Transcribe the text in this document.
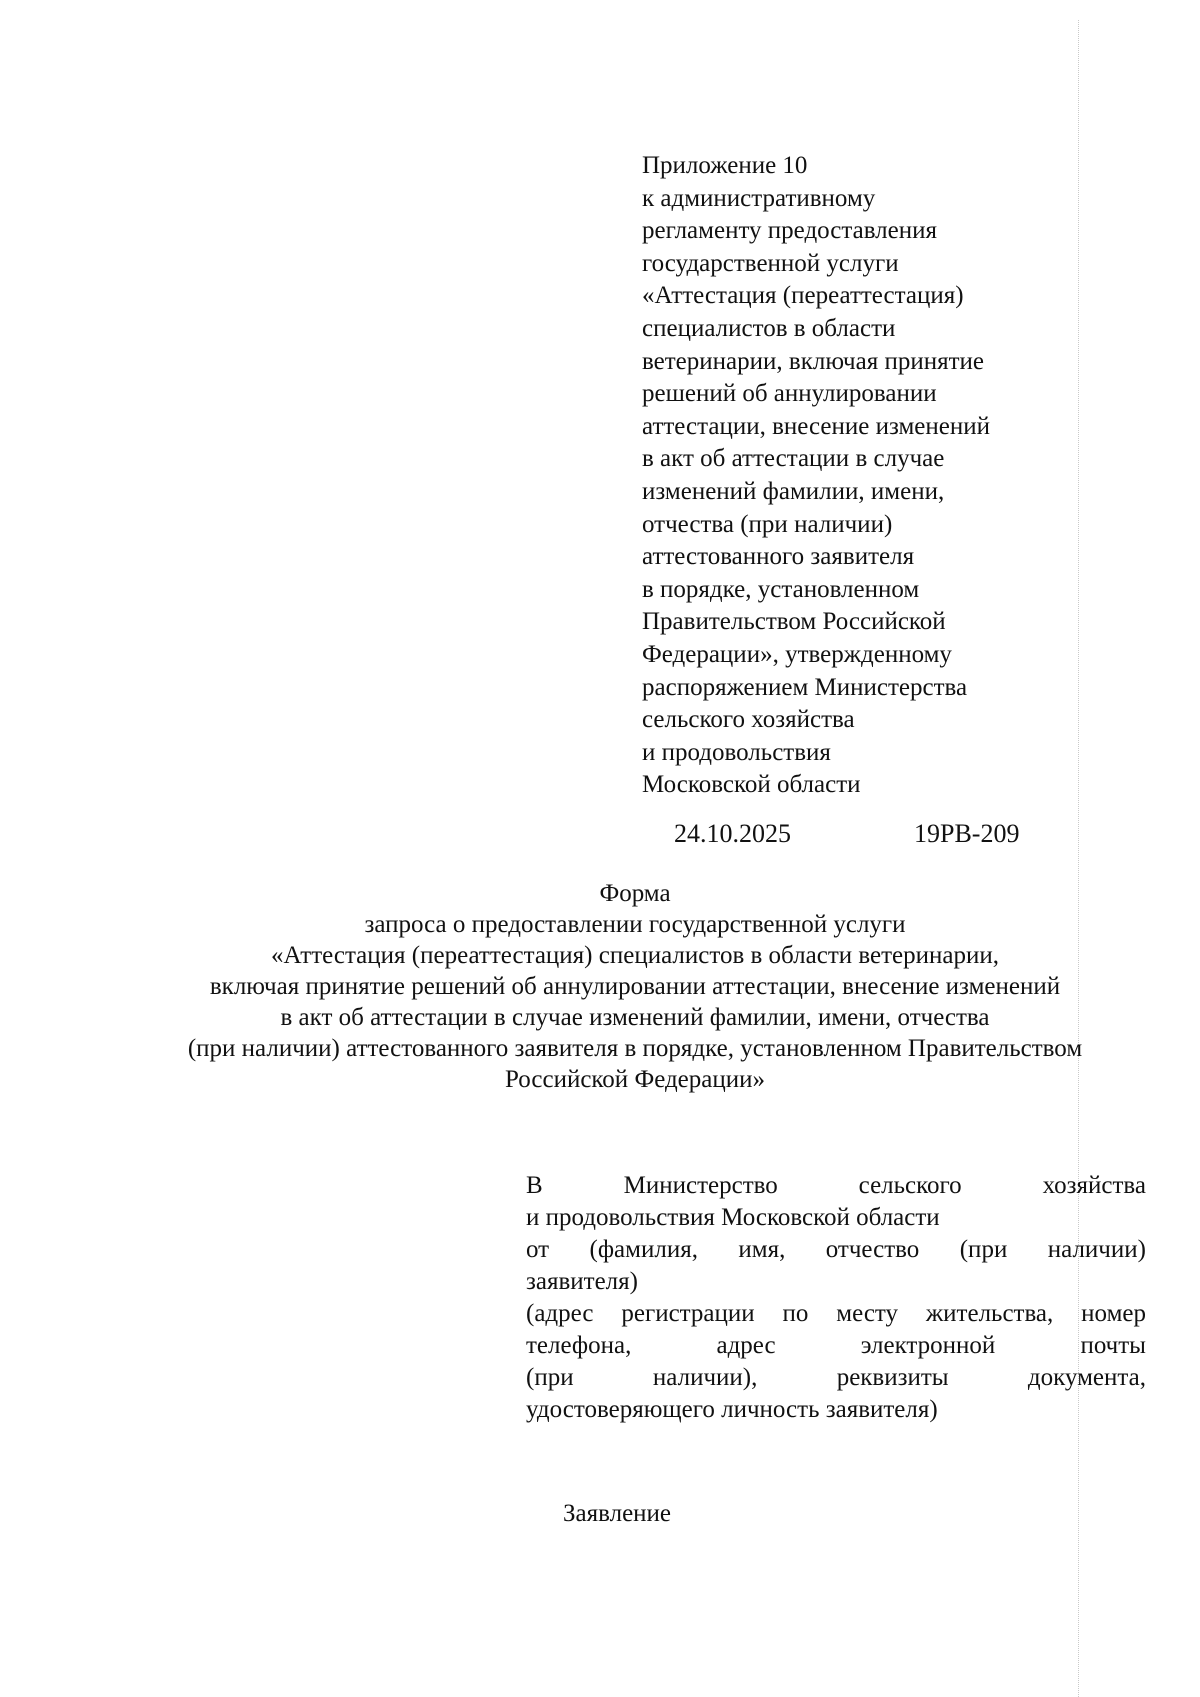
Приложение 10
к административному
регламенту предоставления
государственной услуги
«Аттестация (переаттестация)
специалистов в области
ветеринарии, включая принятие
решений об аннулировании
аттестации, внесение изменений
в акт об аттестации в случае
изменений фамилии, имени,
отчества (при наличии)
аттестованного заявителя
в порядке, установленном
Правительством Российской
Федерации», утвержденному
распоряжением Министерства
сельского хозяйства
и продовольствия
Московской области
24.10.2025	19РВ-209
Форма
запроса о предоставлении государственной услуги
«Аттестация (переаттестация) специалистов в области ветеринарии,
включая принятие решений об аннулировании аттестации, внесение изменений
в акт об аттестации в случае изменений фамилии, имени, отчества
(при наличии) аттестованного заявителя в порядке, установленном Правительством
Российской Федерации»
В	Министерство	сельского	хозяйства
и продовольствия Московской области
от (фамилия, имя, отчество (при наличии)
заявителя)
(адрес регистрации по месту жительства, номер
телефона,	адрес	электронной	почты
(при	наличии),	реквизиты	документа,
удостоверяющего личность заявителя)
Заявление
